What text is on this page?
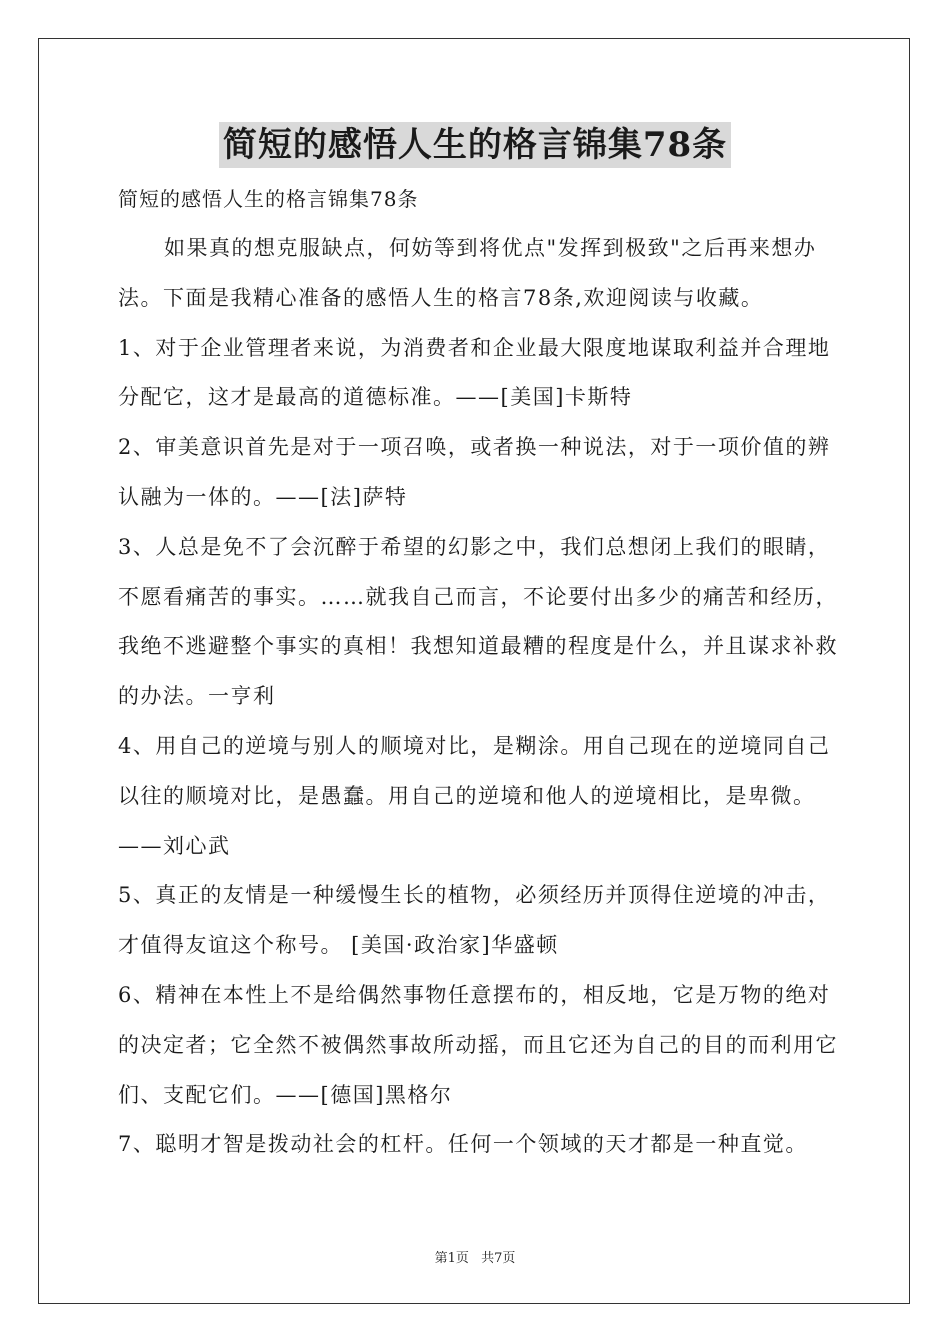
简短的感悟人生的格言锦集78条
简短的感悟人生的格言锦集78条

如果真的想克服缺点，何妨等到将优点"发挥到极致"之后再来想办法。下面是我精心准备的感悟人生的格言78条,欢迎阅读与收藏。

1、对于企业管理者来说，为消费者和企业最大限度地谋取利益并合理地分配它，这才是最高的道德标准。——[美国]卡斯特

2、审美意识首先是对于一项召唤，或者换一种说法，对于一项价值的辨认融为一体的。——[法]萨特

3、人总是免不了会沉醉于希望的幻影之中，我们总想闭上我们的眼睛，不愿看痛苦的事实。……就我自己而言，不论要付出多少的痛苦和经历，我绝不逃避整个事实的真相！我想知道最糟的程度是什么，并且谋求补救的办法。一亨利

4、用自己的逆境与别人的顺境对比，是糊涂。用自己现在的逆境同自己以往的顺境对比，是愚蠢。用自己的逆境和他人的逆境相比，是卑微。——刘心武

5、真正的友情是一种缓慢生长的植物，必须经历并顶得住逆境的冲击，才值得友谊这个称号。 [美国·政治家]华盛顿

6、精神在本性上不是给偶然事物任意摆布的，相反地，它是万物的绝对的决定者；它全然不被偶然事故所动摇，而且它还为自己的目的而利用它们、支配它们。——[德国]黑格尔

7、聪明才智是拨动社会的杠杆。任何一个领域的天才都是一种直觉。

第1页 共7页
